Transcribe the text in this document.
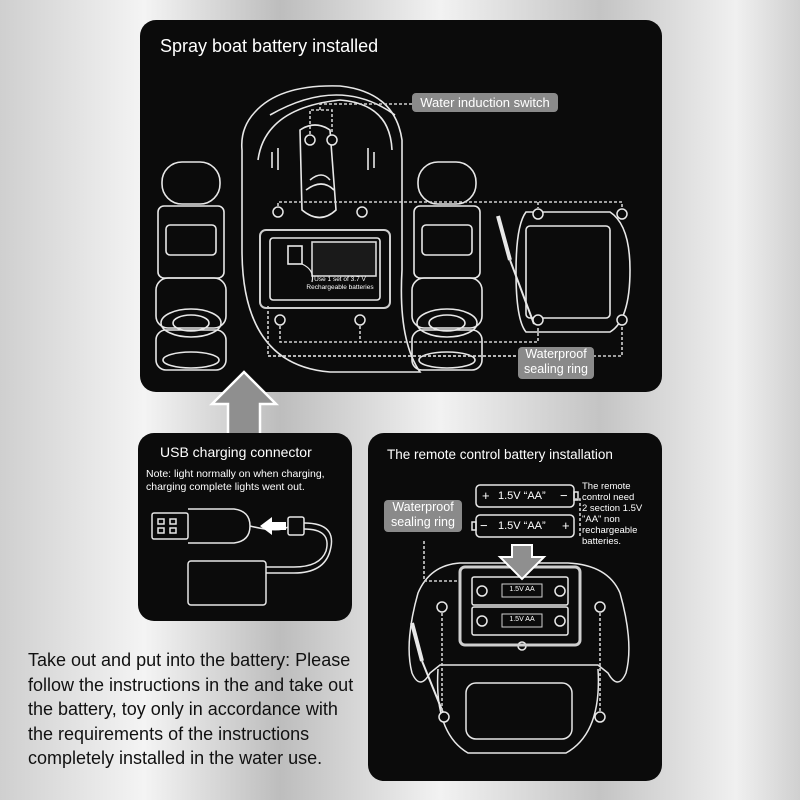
Spray boat battery installed
Water induction switch
Waterproof
sealing ring
Use 1 set of 3.7 V
Rechargeable batteries
USB charging connector
Note: light normally on when charging,
charging complete lights went out.
The remote control battery installation
1.5V “AA”
+	−
1.5V “AA”
−	+
1.5V AA
1.5V AA
Waterproof
sealing ring
The remote
control need
2 section 1.5V
"AA" non
rechargeable
batteries.

Take out and put into the battery: Please follow the instructions in the and take out the battery, toy only in accordance with the requirements of the instructions completely installed in the water use.
